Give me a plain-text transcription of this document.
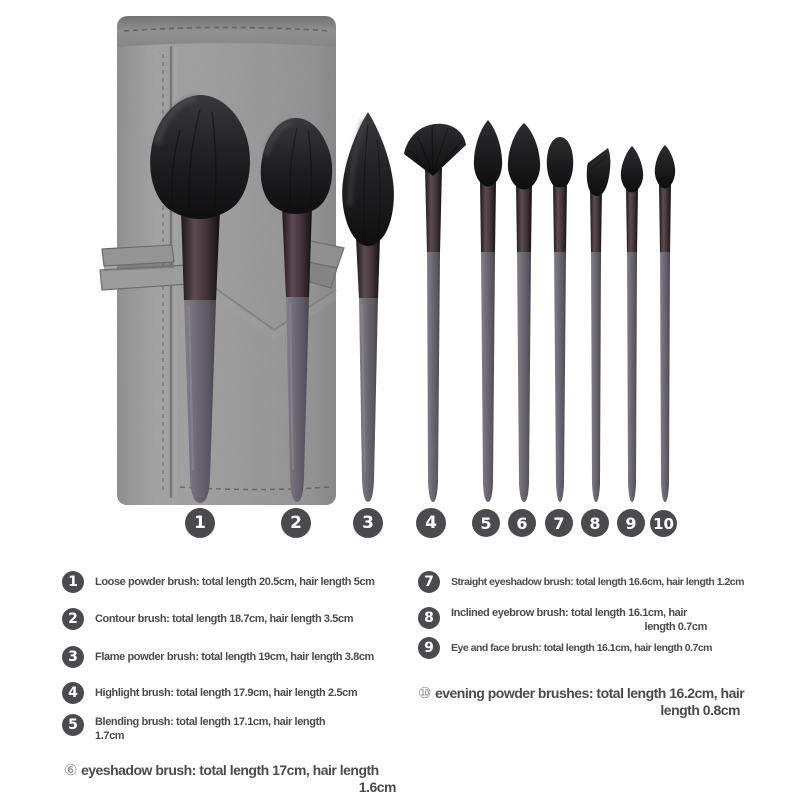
1	2	3	4	5	6	7	8	9	10
1	Loose powder brush: total length 20.5cm, hair length 5cm
2	Contour brush: total length 18.7cm, hair length 3.5cm
3	Flame powder brush: total length 19cm, hair length 3.8cm
4	Highlight brush: total length 17.9cm, hair length 2.5cm
5	Blending brush: total length 17.1cm, hair length
1.7cm
⑥ eyeshadow brush: total length 17cm, hair length
1.6cm
7	Straight eyeshadow brush: total length 16.6cm, hair length 1.2cm
8	Inclined eyebrow brush: total length 16.1cm, hair
length 0.7cm
9	Eye and face brush: total length 16.1cm, hair length 0.7cm
⑩ evening powder brushes: total length 16.2cm, hair
length 0.8cm
